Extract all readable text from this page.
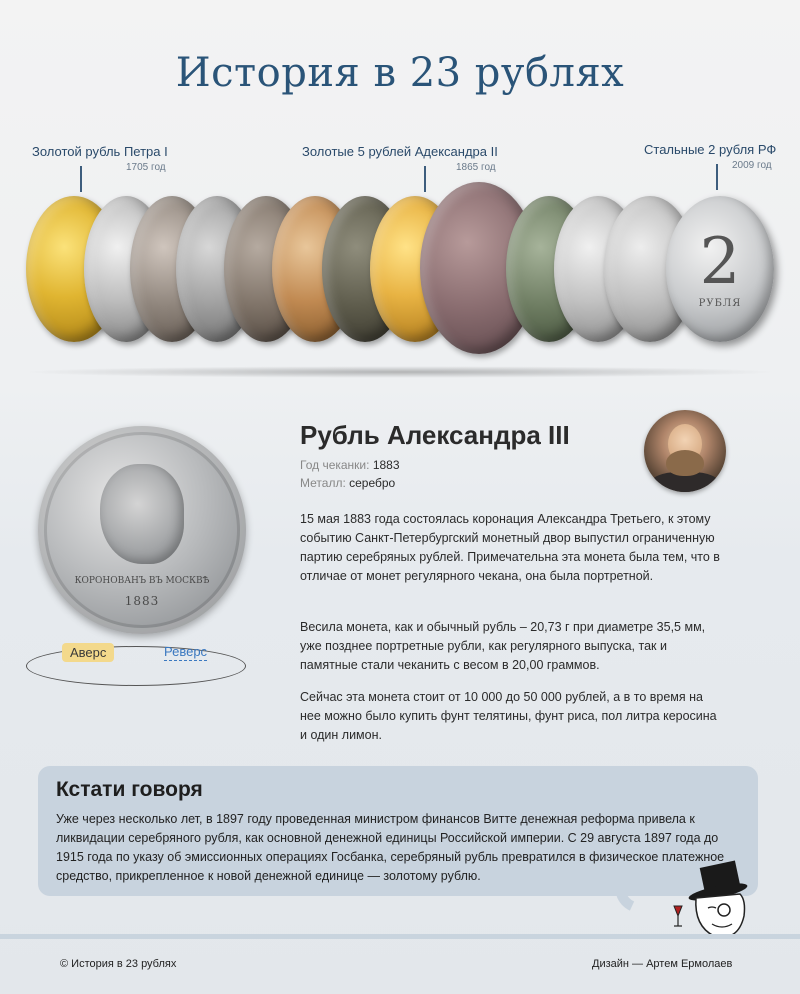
История в 23 рублях
Золотой рубль Петра I
1705 год
Золотые 5 рублей Адександра II
1865 год
Стальные 2 рубля РФ
2009 год
2
РУБЛЯ
КОРОНОВАНЪ ВЪ МОСКВѢ
1883
Аверс	Реверс
Рубль Александра III
Год чеканки: 1883
Металл: серебро
15 мая 1883 года состоялась коронация Александра Третьего, к этому событию Санкт-Петербургский монетный двор выпустил ограниченную партию серебряных рублей. Примечательна эта монета была тем, что в отличае от монет регулярного чекана, она была портретной.
Весила монета, как и обычный рубль – 20,73 г при диаметре 35,5 мм, уже позднее портретные рубли, как регулярного выпуска, так и памятные стали чеканить с весом в 20,00 граммов.
Сейчас эта монета стоит от 10 000 до 50 000 рублей, а в то время на нее можно было купить фунт телятины, фунт риса, пол литра керосина и один лимон.
Кстати говоря

Уже через несколько лет, в 1897 году проведенная министром финансов Витте денежная реформа привела к ликвидации серебряного рубля, как основной денежной единицы Российской империи. С 29 августа 1897 года до 1915 года по указу об эмиссионных операциях Госбанка, серебряный рубль превратился в физическое платежное средство, прикрепленное к новой денежной единице — золотому рублю.

© История в 23 рублях	Дизайн — Артем Ермолаев
